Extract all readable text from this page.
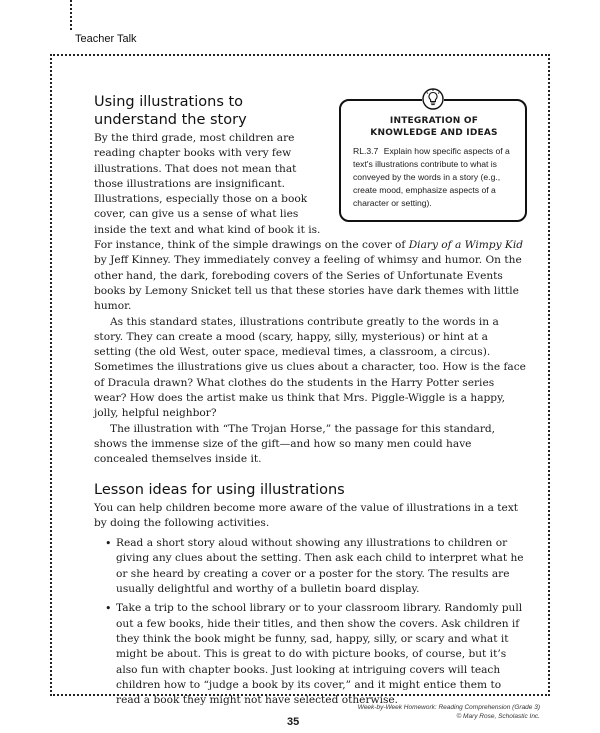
Teacher Talk
INTEGRATION OF
KNOWLEDGE AND IDEAS
RL.3.7 Explain how specific aspects of a text's illustrations contribute to what is conveyed by the words in a story (e.g., create mood, emphasize aspects of a character or setting).
Using illustrations to
understand the story

By the third grade, most children are reading chapter books with very few illustrations. That does not mean that those illustrations are insignificant. Illustrations, especially those on a book cover, can give us a sense of what lies inside the text and what kind of book it is. For instance, think of the simple drawings on the cover of Diary of a Wimpy Kid by Jeff Kinney. They immediately convey a feeling of whimsy and humor. On the other hand, the dark, foreboding covers of the Series of Unfortunate Events books by Lemony Snicket tell us that these stories have dark themes with little humor.

As this standard states, illustrations contribute greatly to the words in a story. They can create a mood (scary, happy, silly, mysterious) or hint at a setting (the old West, outer space, medieval times, a classroom, a circus). Sometimes the illustrations give us clues about a character, too. How is the face of Dracula drawn? What clothes do the students in the Harry Potter series wear? How does the artist make us think that Mrs. Piggle-Wiggle is a happy, jolly, helpful neighbor?

The illustration with “The Trojan Horse,” the passage for this standard, shows the immense size of the gift—and how so many men could have concealed themselves inside it.

Lesson ideas for using illustrations

You can help children become more aware of the value of illustrations in a text by doing the following activities.

• Read a short story aloud without showing any illustrations to children or giving any clues about the setting. Then ask each child to interpret what he or she heard by creating a cover or a poster for the story. The results are usually delightful and worthy of a bulletin board display.
• Take a trip to the school library or to your classroom library. Randomly pull out a few books, hide their titles, and then show the covers. Ask children if they think the book might be funny, sad, happy, silly, or scary and what it might be about. This is great to do with picture books, of course, but it’s also fun with chapter books. Just looking at intriguing covers will teach children how to “judge a book by its cover,” and it might entice them to read a book they might not have selected otherwise.
Week-by-Week Homework: Reading Comprehension (Grade 3)
© Mary Rose, Scholastic Inc.
35
